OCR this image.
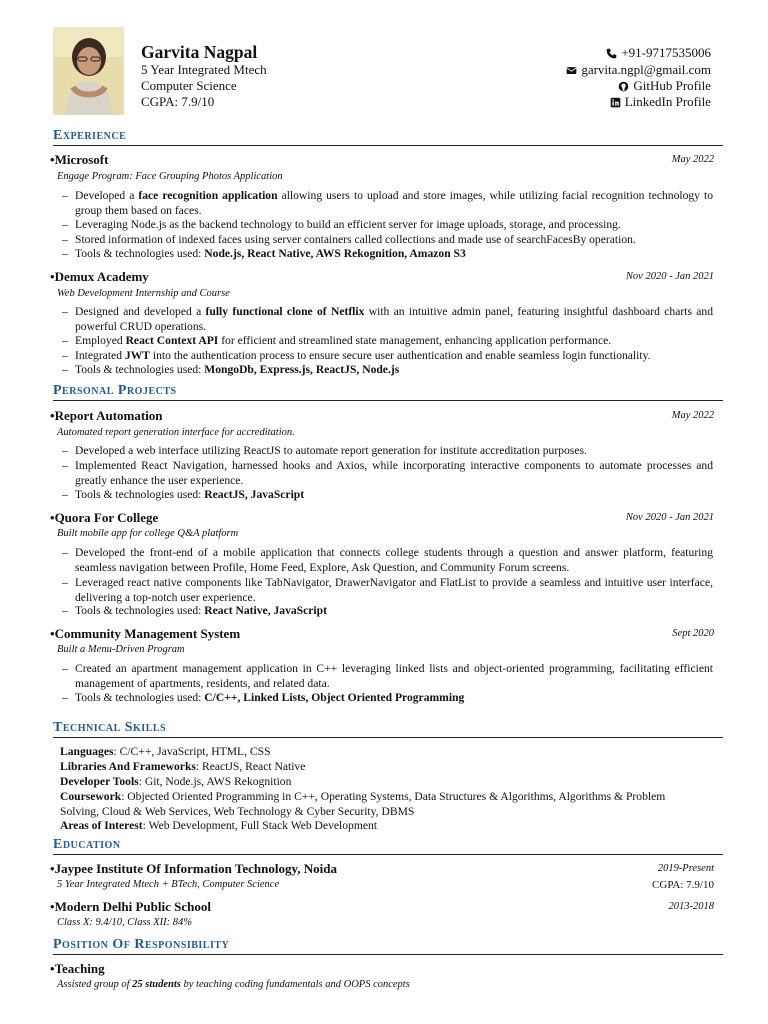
Garvita Nagpal
5 Year Integrated Mtech
Computer Science
CGPA: 7.9/10
+91-9717535006
garvita.ngpl@gmail.com
GitHub Profile
LinkedIn Profile
Experience
•Microsoft	May 2022
Engage Program: Face Grouping Photos Application
– Developed a face recognition application allowing users to upload and store images, while utilizing facial recognition technology to group them based on faces.
– Leveraging Node.js as the backend technology to build an efficient server for image uploads, storage, and processing.
– Stored information of indexed faces using server containers called collections and made use of searchFacesBy operation.
– Tools & technologies used: Node.js, React Native, AWS Rekognition, Amazon S3
•Demux Academy	Nov 2020 - Jan 2021
Web Development Internship and Course
– Designed and developed a fully functional clone of Netflix with an intuitive admin panel, featuring insightful dashboard charts and powerful CRUD operations.
– Employed React Context API for efficient and streamlined state management, enhancing application performance.
– Integrated JWT into the authentication process to ensure secure user authentication and enable seamless login functionality.
– Tools & technologies used: MongoDb, Express.js, ReactJS, Node.js
Personal Projects
•Report Automation	May 2022
Automated report generation interface for accreditation.
– Developed a web interface utilizing ReactJS to automate report generation for institute accreditation purposes.
– Implemented React Navigation, harnessed hooks and Axios, while incorporating interactive components to automate processes and greatly enhance the user experience.
– Tools & technologies used: ReactJS, JavaScript
•Quora For College	Nov 2020 - Jan 2021
Built mobile app for college Q&A platform
– Developed the front-end of a mobile application that connects college students through a question and answer platform, featuring seamless navigation between Profile, Home Feed, Explore, Ask Question, and Community Forum screens.
– Leveraged react native components like TabNavigator, DrawerNavigator and FlatList to provide a seamless and intuitive user interface, delivering a top-notch user experience.
– Tools & technologies used: React Native, JavaScript
•Community Management System	Sept 2020
Built a Menu-Driven Program
– Created an apartment management application in C++ leveraging linked lists and object-oriented programming, facilitating efficient management of apartments, residents, and related data.
– Tools & technologies used: C/C++, Linked Lists, Object Oriented Programming
Technical Skills
Languages: C/C++, JavaScript, HTML, CSS
Libraries And Frameworks: ReactJS, React Native
Developer Tools: Git, Node.js, AWS Rekognition
Coursework: Objected Oriented Programming in C++, Operating Systems, Data Structures & Algorithms, Algorithms & Problem Solving, Cloud & Web Services, Web Technology & Cyber Security, DBMS
Areas of Interest: Web Development, Full Stack Web Development
Education
•Jaypee Institute Of Information Technology, Noida	2019-Present
5 Year Integrated Mtech + BTech, Computer Science	CGPA: 7.9/10
•Modern Delhi Public School	2013-2018
Class X: 9.4/10, Class XII: 84%
Position Of Responsibility
•Teaching
Assisted group of 25 students by teaching coding fundamentals and OOPS concepts
